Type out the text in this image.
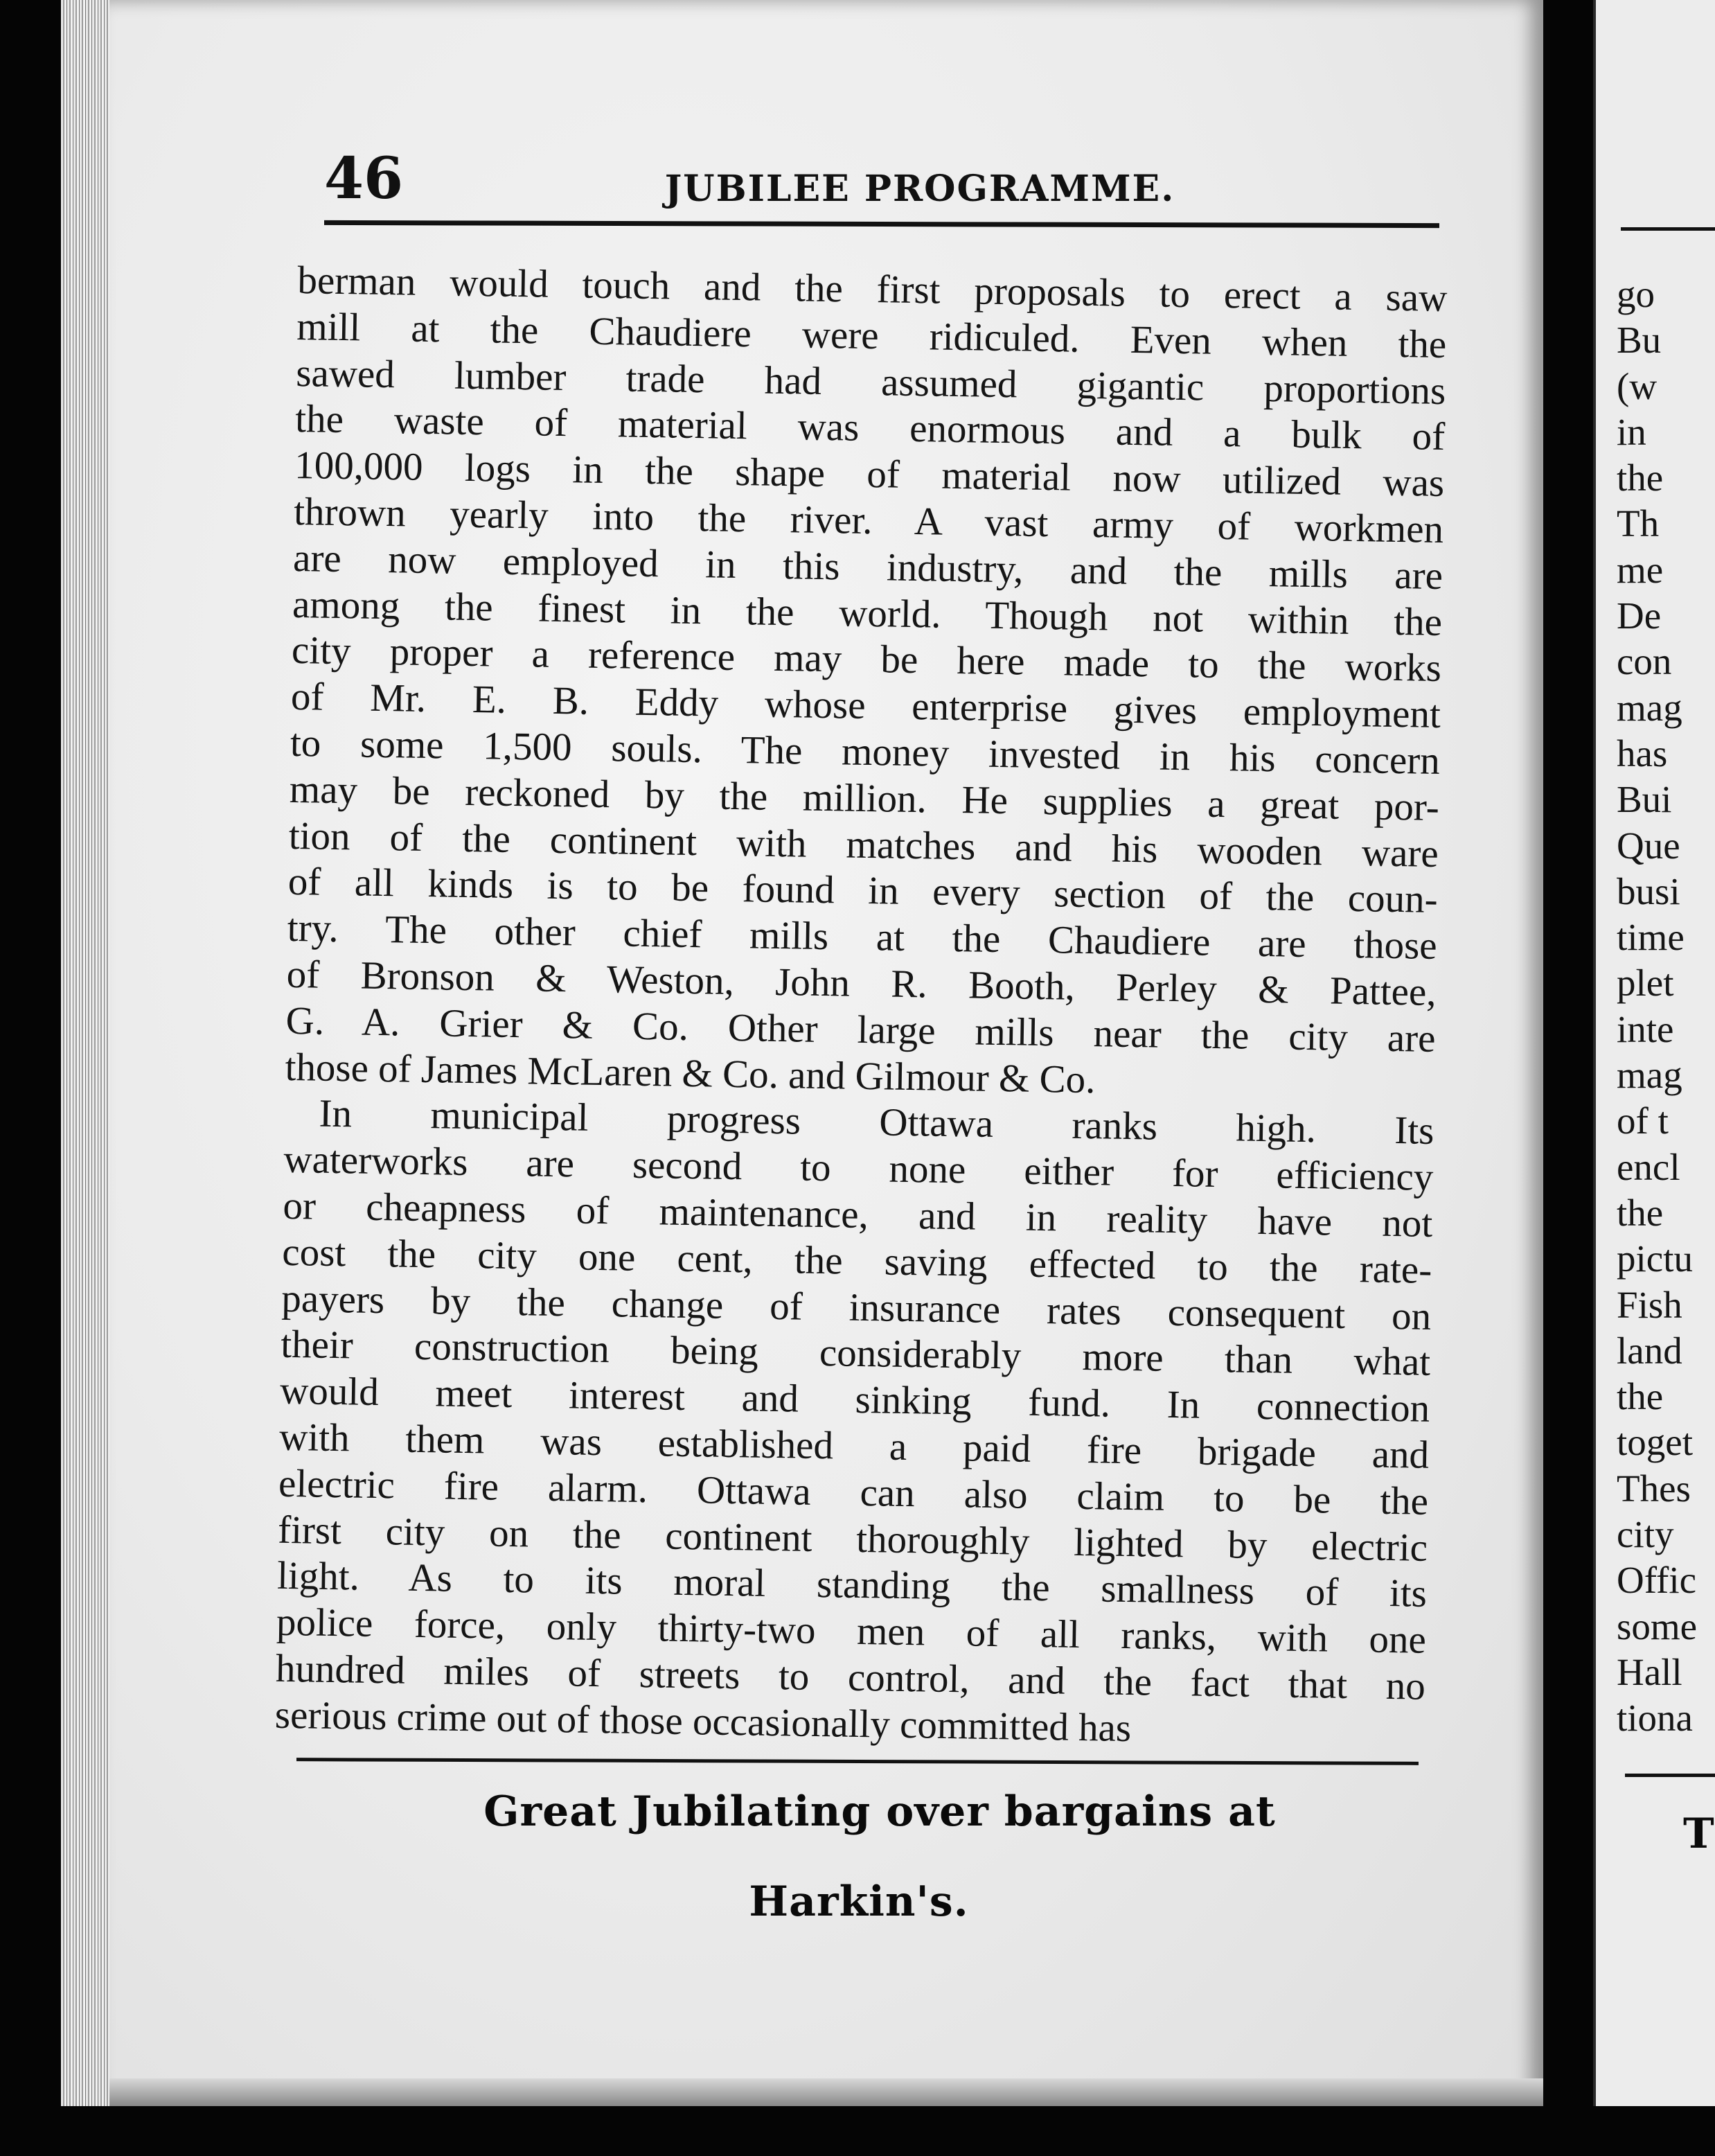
46	JUBILEE PROGRAMME.
berman would touch and the first proposals to erect a saw
mill at the Chaudiere were ridiculed. Even when the
sawed lumber trade had assumed gigantic proportions
the waste of material was enormous and a bulk of
100,000 logs in the shape of material now utilized was
thrown yearly into the river. A vast army of workmen
are now employed in this industry, and the mills are
among the finest in the world. Though not within the
city proper a reference may be here made to the works
of Mr. E. B. Eddy whose enterprise gives employment
to some 1,500 souls. The money invested in his concern
may be reckoned by the million. He supplies a great por-
tion of the continent with matches and his wooden ware
of all kinds is to be found in every section of the coun-
try. The other chief mills at the Chaudiere are those
of Bronson & Weston, John R. Booth, Perley & Pattee,
G. A. Grier & Co. Other large mills near the city are
those of James McLaren & Co. and Gilmour & Co.
In municipal progress Ottawa ranks high. Its
waterworks are second to none either for efficiency
or cheapness of maintenance, and in reality have not
cost the city one cent, the saving effected to the rate-
payers by the change of insurance rates consequent on
their construction being considerably more than what
would meet interest and sinking fund. In connection
with them was established a paid fire brigade and
electric fire alarm. Ottawa can also claim to be the
first city on the continent thoroughly lighted by electric
light. As to its moral standing the smallness of its
police force, only thirty-two men of all ranks, with one
hundred miles of streets to control, and the fact that no
serious crime out of those occasionally committed has
Great Jubilating over bargains at
Harkin's.
go
Bu
(w
in
the
Th
me
De
con
mag
has
Bui
Que
busi
time
plet
inte
mag
of t
encl
the
pictu
Fish
land
the
toget
Thes
city
Offic
some
Hall
tiona
T
